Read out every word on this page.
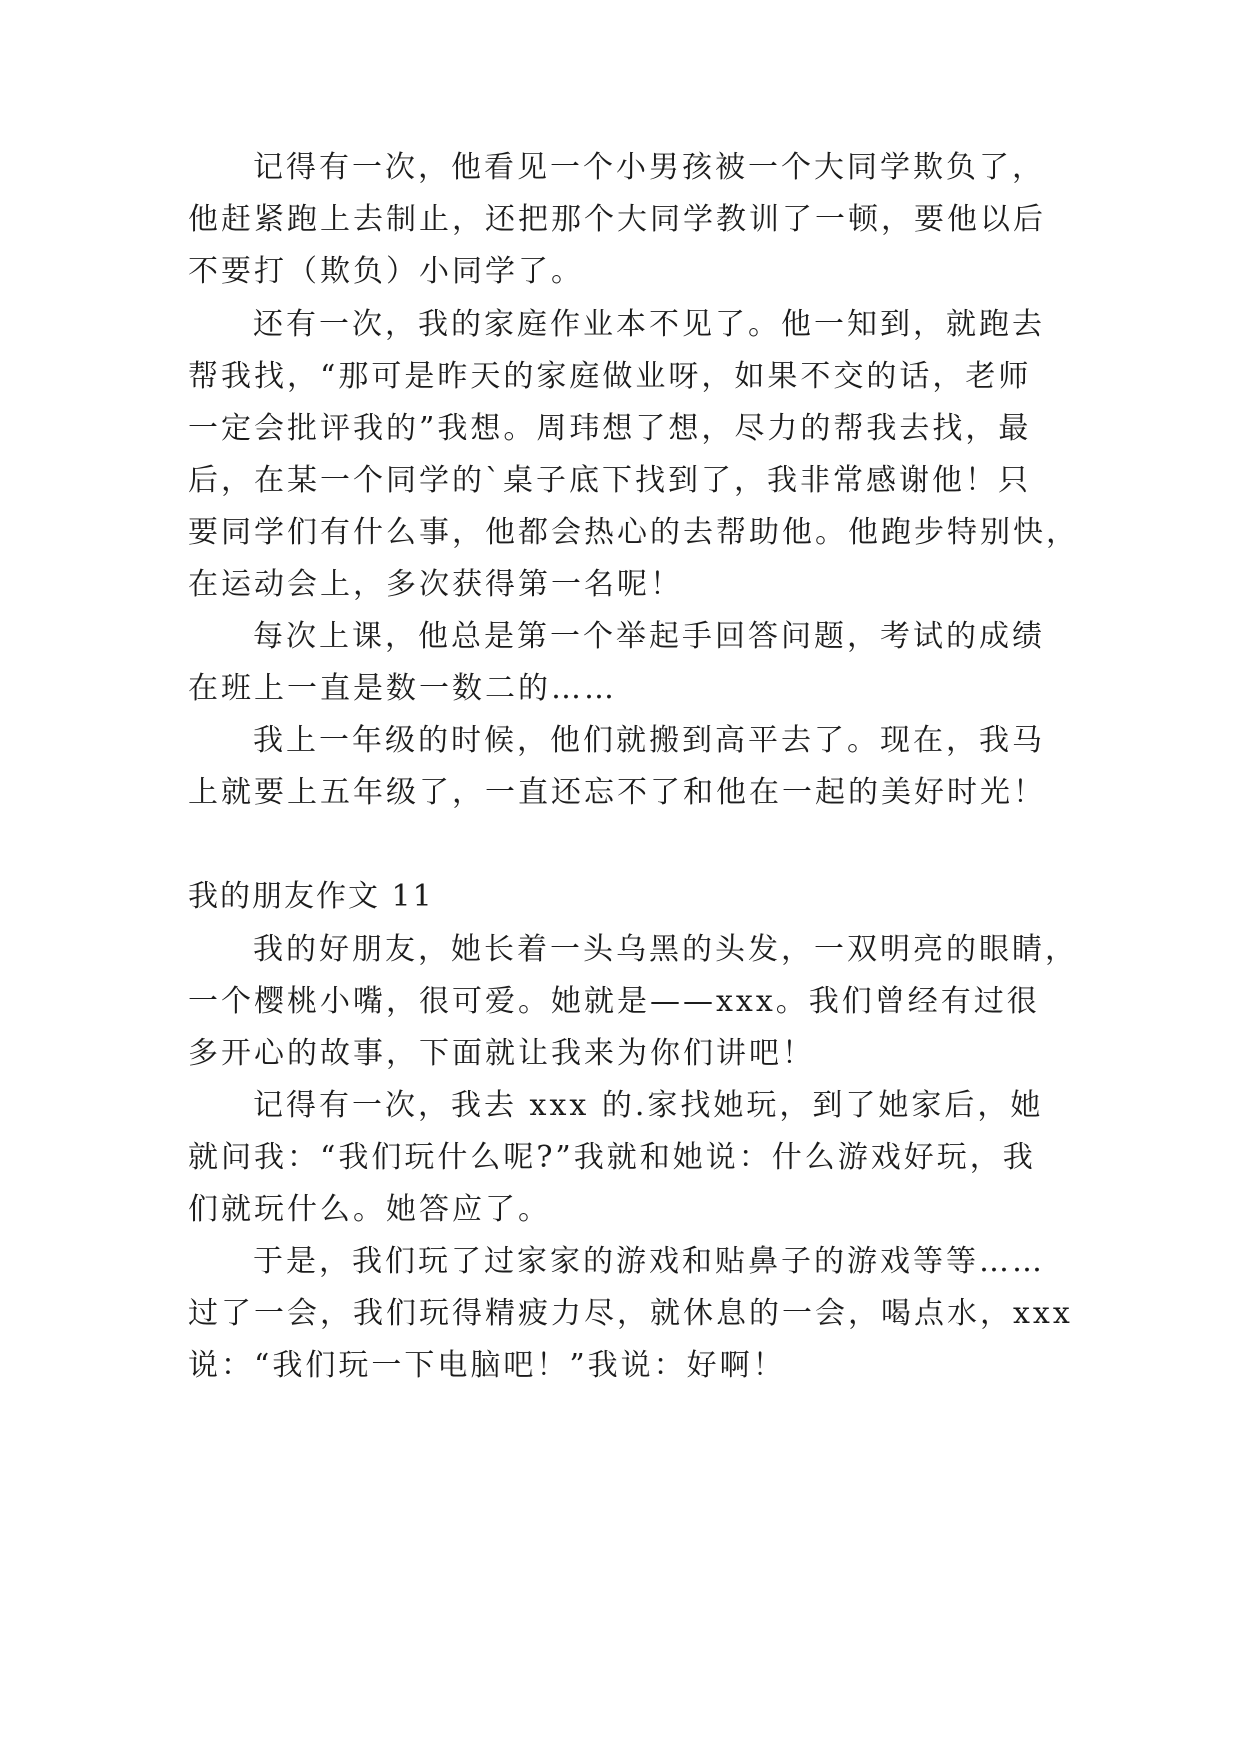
记得有一次，他看见一个小男孩被一个大同学欺负了，

他赶紧跑上去制止，还把那个大同学教训了一顿，要他以后

不要打（欺负）小同学了。

还有一次，我的家庭作业本不见了。他一知到，就跑去

帮我找，“那可是昨天的家庭做业呀，如果不交的话，老师

一定会批评我的”我想。周玮想了想，尽力的帮我去找，最

后，在某一个同学的`桌子底下找到了，我非常感谢他！只

要同学们有什么事，他都会热心的去帮助他。他跑步特别快，

在运动会上，多次获得第一名呢！

每次上课，他总是第一个举起手回答问题，考试的成绩

在班上一直是数一数二的……

我上一年级的时候，他们就搬到高平去了。现在，我马

上就要上五年级了，一直还忘不了和他在一起的美好时光！

我的朋友作文 11

我的好朋友，她长着一头乌黑的头发，一双明亮的眼睛，

一个樱桃小嘴，很可爱。她就是——xxx。我们曾经有过很

多开心的故事，下面就让我来为你们讲吧！

记得有一次，我去 xxx 的.家找她玩，到了她家后，她

就问我：“我们玩什么呢?”我就和她说：什么游戏好玩，我

们就玩什么。她答应了。

于是，我们玩了过家家的游戏和贴鼻子的游戏等等……

过了一会，我们玩得精疲力尽，就休息的一会，喝点水，xxx

说：“我们玩一下电脑吧！”我说：好啊！
